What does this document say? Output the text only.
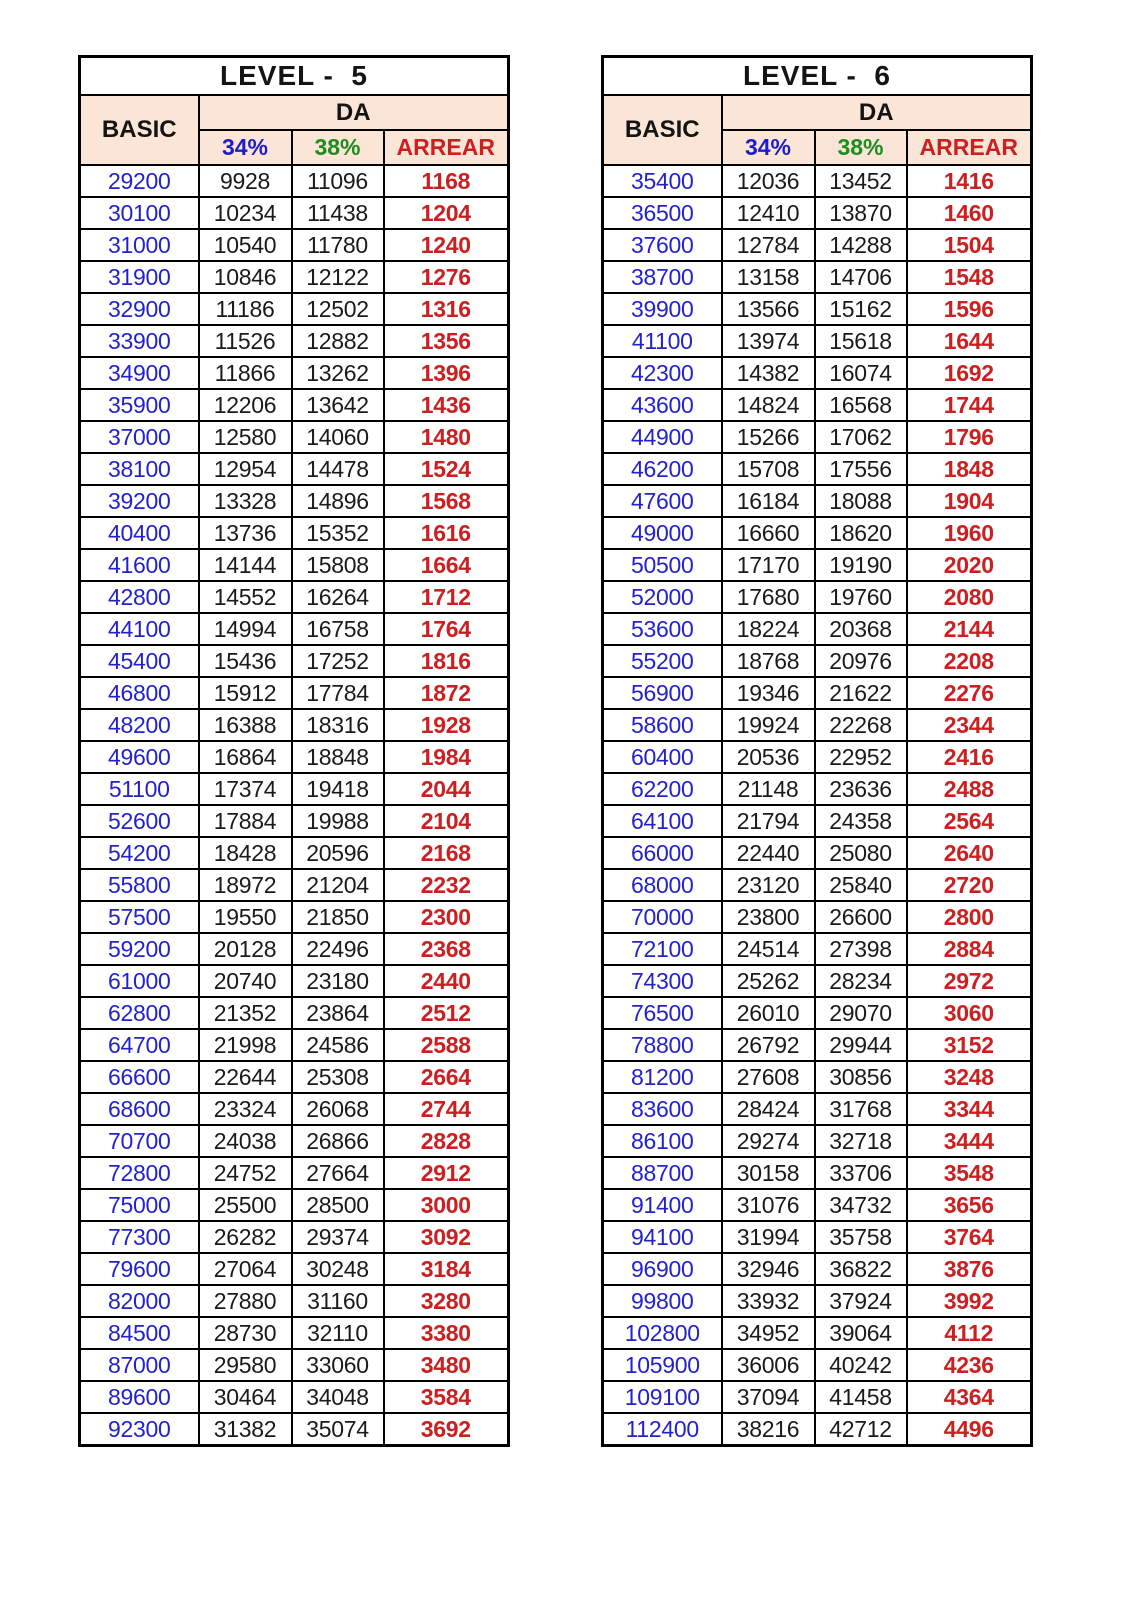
LEVEL -  5			
BASIC	DA		
	34%	38%	ARREAR
29200	9928	11096	1168
30100	10234	11438	1204
31000	10540	11780	1240
31900	10846	12122	1276
32900	11186	12502	1316
33900	11526	12882	1356
34900	11866	13262	1396
35900	12206	13642	1436
37000	12580	14060	1480
38100	12954	14478	1524
39200	13328	14896	1568
40400	13736	15352	1616
41600	14144	15808	1664
42800	14552	16264	1712
44100	14994	16758	1764
45400	15436	17252	1816
46800	15912	17784	1872
48200	16388	18316	1928
49600	16864	18848	1984
51100	17374	19418	2044
52600	17884	19988	2104
54200	18428	20596	2168
55800	18972	21204	2232
57500	19550	21850	2300
59200	20128	22496	2368
61000	20740	23180	2440
62800	21352	23864	2512
64700	21998	24586	2588
66600	22644	25308	2664
68600	23324	26068	2744
70700	24038	26866	2828
72800	24752	27664	2912
75000	25500	28500	3000
77300	26282	29374	3092
79600	27064	30248	3184
82000	27880	31160	3280
84500	28730	32110	3380
87000	29580	33060	3480
89600	30464	34048	3584
92300	31382	35074	3692
LEVEL -  6			
BASIC	DA		
	34%	38%	ARREAR
35400	12036	13452	1416
36500	12410	13870	1460
37600	12784	14288	1504
38700	13158	14706	1548
39900	13566	15162	1596
41100	13974	15618	1644
42300	14382	16074	1692
43600	14824	16568	1744
44900	15266	17062	1796
46200	15708	17556	1848
47600	16184	18088	1904
49000	16660	18620	1960
50500	17170	19190	2020
52000	17680	19760	2080
53600	18224	20368	2144
55200	18768	20976	2208
56900	19346	21622	2276
58600	19924	22268	2344
60400	20536	22952	2416
62200	21148	23636	2488
64100	21794	24358	2564
66000	22440	25080	2640
68000	23120	25840	2720
70000	23800	26600	2800
72100	24514	27398	2884
74300	25262	28234	2972
76500	26010	29070	3060
78800	26792	29944	3152
81200	27608	30856	3248
83600	28424	31768	3344
86100	29274	32718	3444
88700	30158	33706	3548
91400	31076	34732	3656
94100	31994	35758	3764
96900	32946	36822	3876
99800	33932	37924	3992
102800	34952	39064	4112
105900	36006	40242	4236
109100	37094	41458	4364
112400	38216	42712	4496
